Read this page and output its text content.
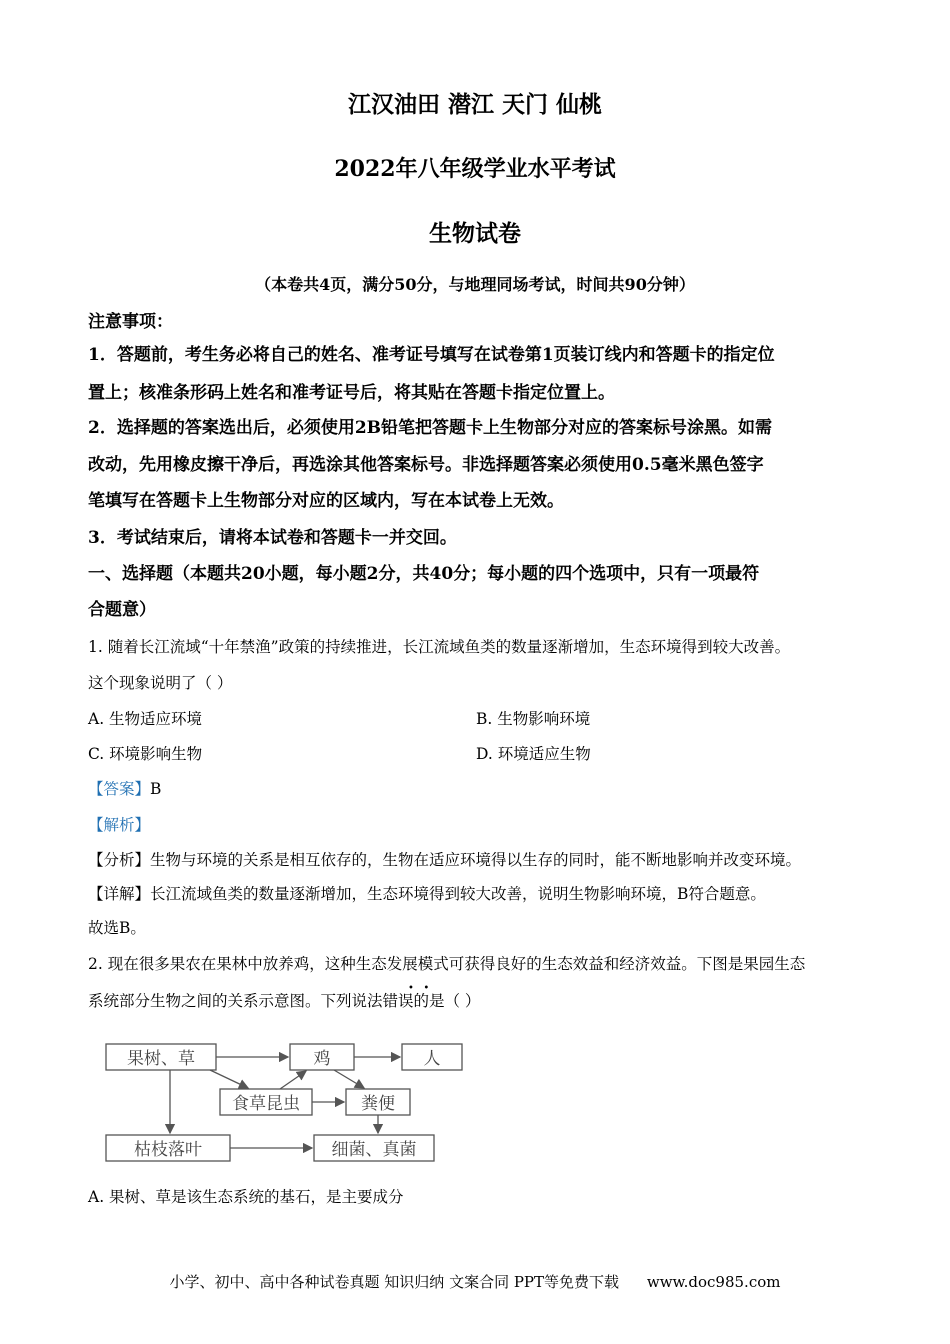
江汉油田 潜江 天门 仙桃
2022年八年级学业水平考试
生物试卷
（本卷共4页，满分50分，与地理同场考试，时间共90分钟）
注意事项：
1．答题前，考生务必将自己的姓名、准考证号填写在试卷第1页装订线内和答题卡的指定位
置上；核准条形码上姓名和准考证号后，将其贴在答题卡指定位置上。
2．选择题的答案选出后，必须使用2B铅笔把答题卡上生物部分对应的答案标号涂黑。如需
改动，先用橡皮擦干净后，再选涂其他答案标号。非选择题答案必须使用0.5毫米黑色签字
笔填写在答题卡上生物部分对应的区域内，写在本试卷上无效。
3．考试结束后，请将本试卷和答题卡一并交回。
一、选择题（本题共20小题，每小题2分，共40分；每小题的四个选项中，只有一项最符
合题意）
1. 随着长江流域“十年禁渔”政策的持续推进，长江流域鱼类的数量逐渐增加，生态环境得到较大改善。
这个现象说明了（ ）
A. 生物适应环境	B. 生物影响环境
C. 环境影响生物	D. 环境适应生物
【答案】B
【解析】
【分析】生物与环境的关系是相互依存的，生物在适应环境得以生存的同时，能不断地影响并改变环境。
【详解】长江流域鱼类的数量逐渐增加，生态环境得到较大改善，说明生物影响环境，B符合题意。
故选B。
2. 现在很多果农在果林中放养鸡，这种生态发展模式可获得良好的生态效益和经济效益。下图是果园生态
系统部分生物之间的关系示意图。下列说法错误的是（ ）
•   •
果树、草	鸡	人
食草昆虫	粪便
枯枝落叶	细菌、真菌
A. 果树、草是该生态系统的基石，是主要成分
小学、初中、高中各种试卷真题 知识归纳 文案合同 PPT等免费下载 www.doc985.com
